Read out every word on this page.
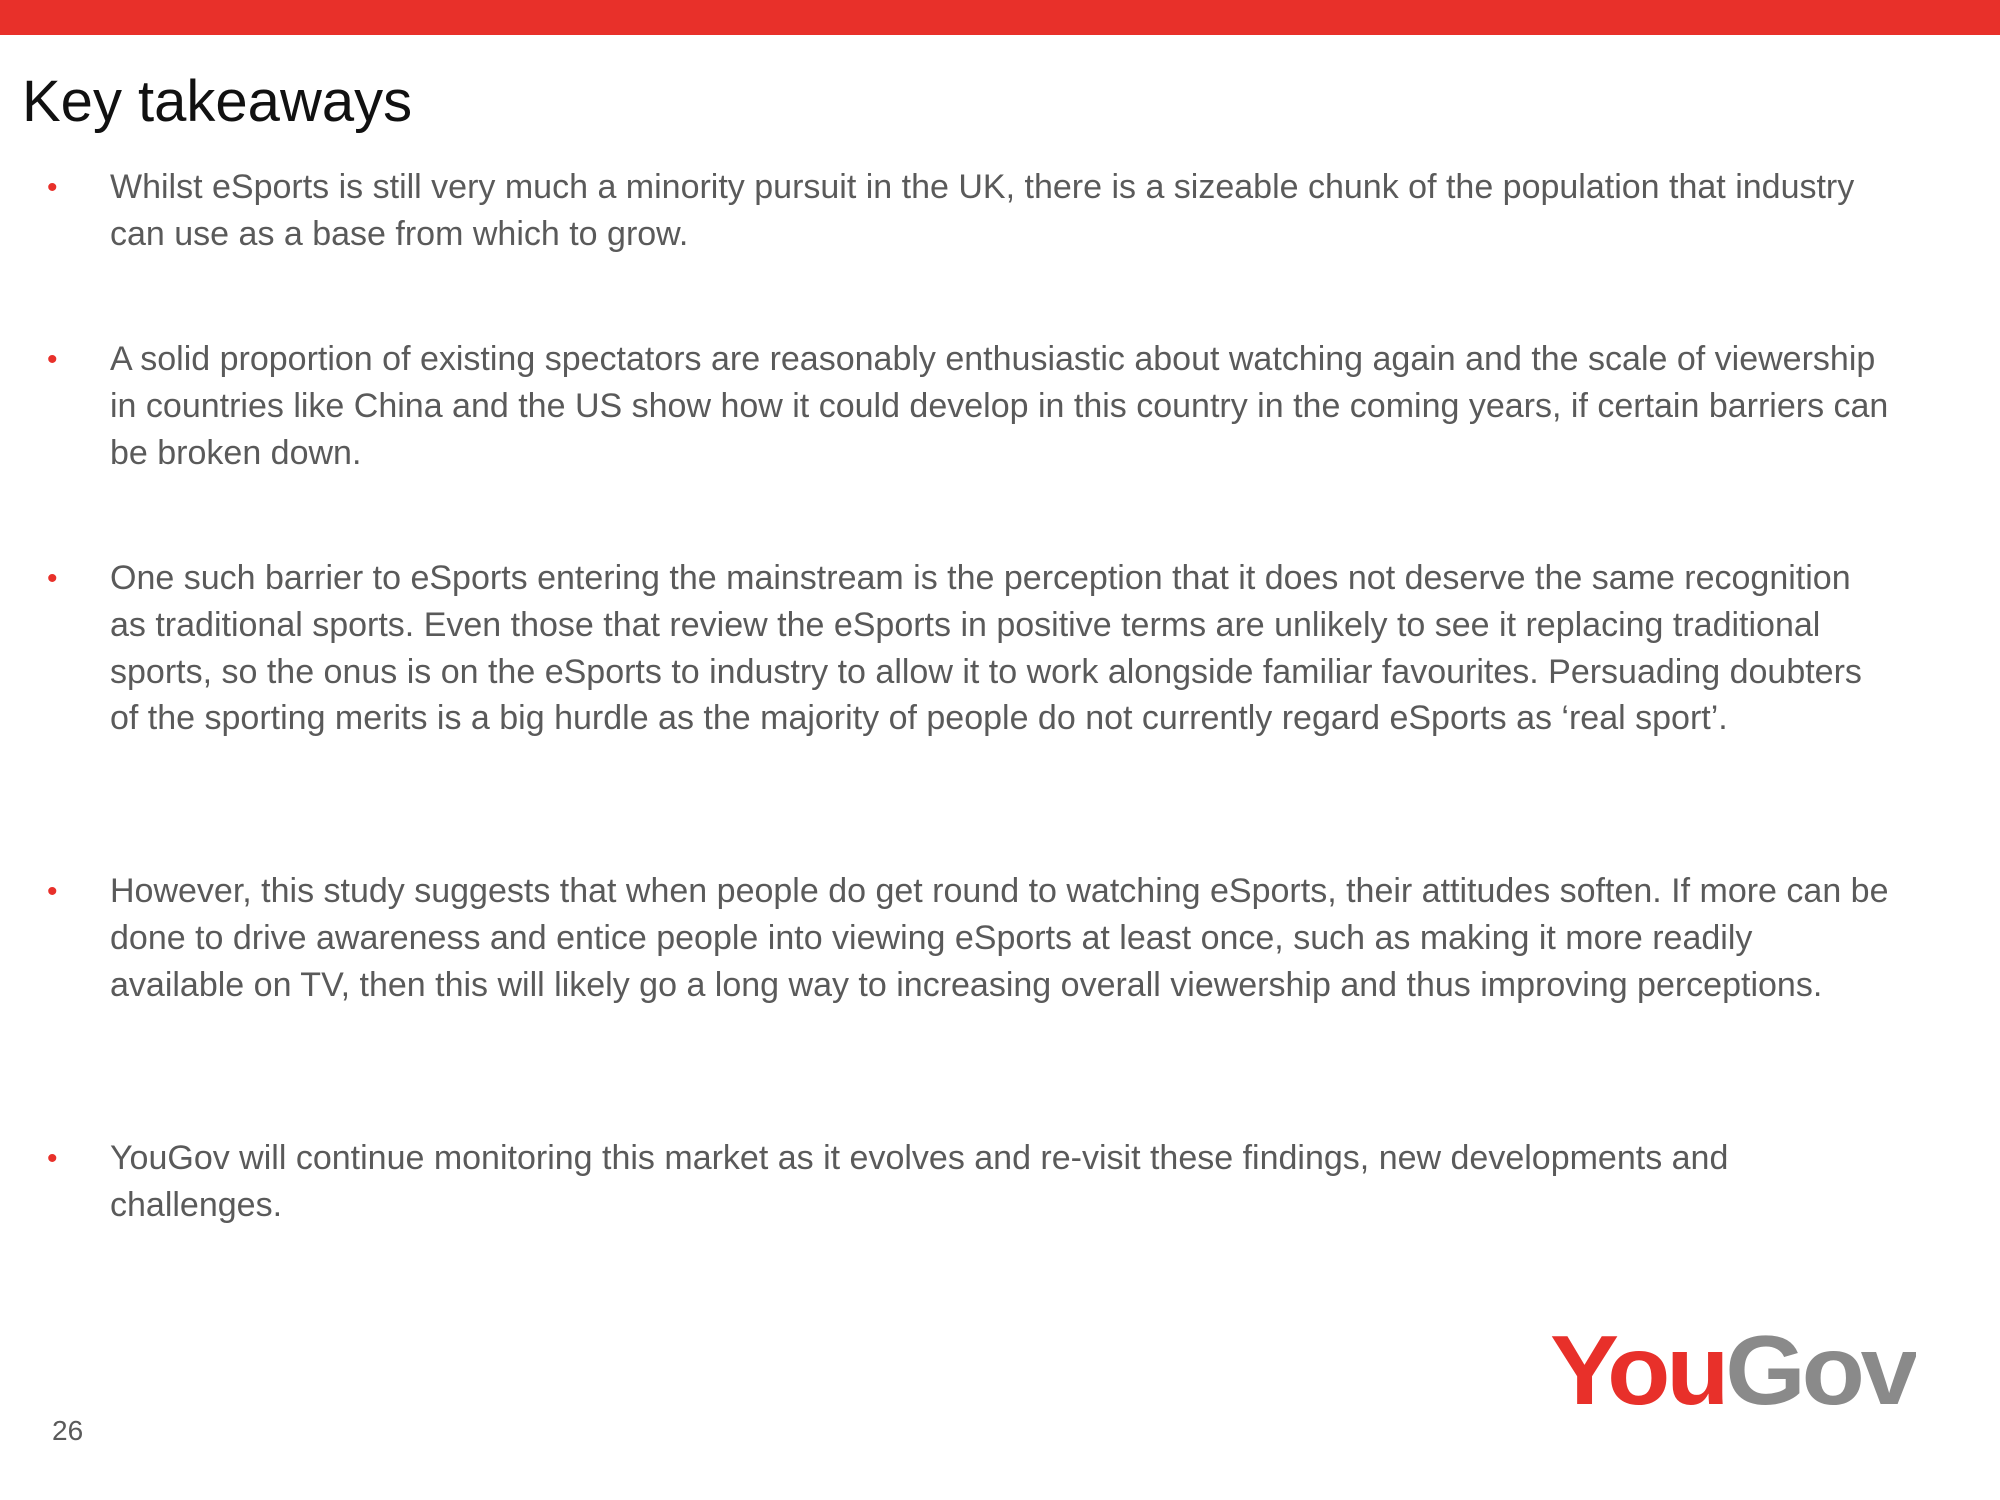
Key takeaways
• Whilst eSports is still very much a minority pursuit in the UK, there is a sizeable chunk of the population that industry can use as a base from which to grow.
• A solid proportion of existing spectators are reasonably enthusiastic about watching again and the scale of viewership in countries like China and the US show how it could develop in this country in the coming years, if certain barriers can be broken down.
• One such barrier to eSports entering the mainstream is the perception that it does not deserve the same recognition as traditional sports. Even those that review the eSports in positive terms are unlikely to see it replacing traditional sports, so the onus is on the eSports to industry to allow it to work alongside familiar favourites. Persuading doubters of the sporting merits is a big hurdle as the majority of people do not currently regard eSports as ‘real sport’.
• However, this study suggests that when people do get round to watching eSports, their attitudes soften. If more can be done to drive awareness and entice people into viewing eSports at least once, such as making it more readily available on TV, then this will likely go a long way to increasing overall viewership and thus improving perceptions.
• YouGov will continue monitoring this market as it evolves and re-visit these findings, new developments and challenges.
26
YouGov
